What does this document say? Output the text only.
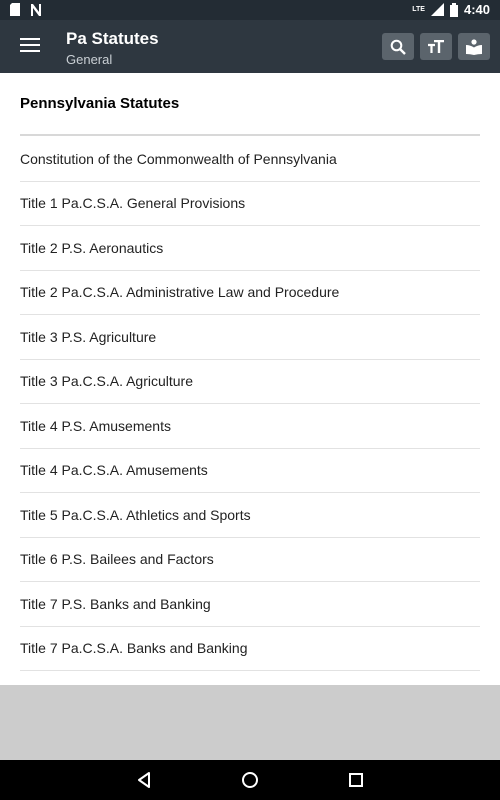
LTE	4:40
Pa Statutes
General
Pennsylvania Statutes
Constitution of the Commonwealth of Pennsylvania
Title 1 Pa.C.S.A. General Provisions
Title 2 P.S. Aeronautics
Title 2 Pa.C.S.A. Administrative Law and Procedure
Title 3 P.S. Agriculture
Title 3 Pa.C.S.A. Agriculture
Title 4 P.S. Amusements
Title 4 Pa.C.S.A. Amusements
Title 5 Pa.C.S.A. Athletics and Sports
Title 6 P.S. Bailees and Factors
Title 7 P.S. Banks and Banking
Title 7 Pa.C.S.A. Banks and Banking
